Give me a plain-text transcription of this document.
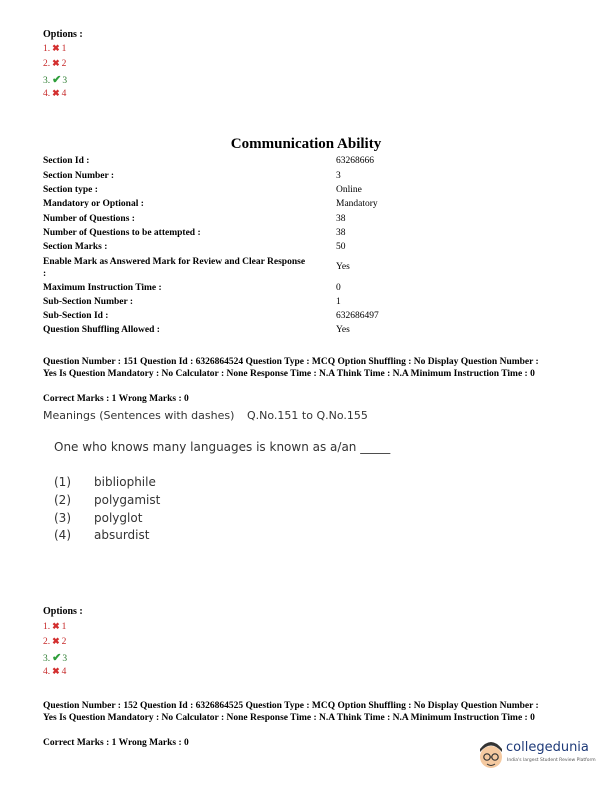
Options :
1. ✖ 1
2. ✖ 2
3. ✔3
4. ✖ 4
Communication Ability
Section Id :	63268666
Section Number :	3
Section type :	Online
Mandatory or Optional :	Mandatory
Number of Questions :	38
Number of Questions to be attempted :	38
Section Marks :	50
Enable Mark as Answered Mark for Review and Clear Response	Yes
:
Maximum Instruction Time :	0
Sub-Section Number :	1
Sub-Section Id :	632686497
Question Shuffling Allowed :	Yes
Question Number : 151 Question Id : 6326864524 Question Type : MCQ Option Shuffling : No Display Question Number : Yes Is Question Mandatory : No Calculator : None Response Time : N.A Think Time : N.A Minimum Instruction Time : 0
Correct Marks : 1 Wrong Marks : 0
Meanings (Sentences with dashes) Q.No.151 to Q.No.155
One who knows many languages is known as a/an _____
(1) bibliophile
(2) polygamist
(3) polyglot
(4) absurdist
Options :
1. ✖ 1
2. ✖ 2
3. ✔3
4. ✖ 4
Question Number : 152 Question Id : 6326864525 Question Type : MCQ Option Shuffling : No Display Question Number : Yes Is Question Mandatory : No Calculator : None Response Time : N.A Think Time : N.A Minimum Instruction Time : 0
Correct Marks : 1 Wrong Marks : 0	collegedunia
India's largest Student Review Platform
